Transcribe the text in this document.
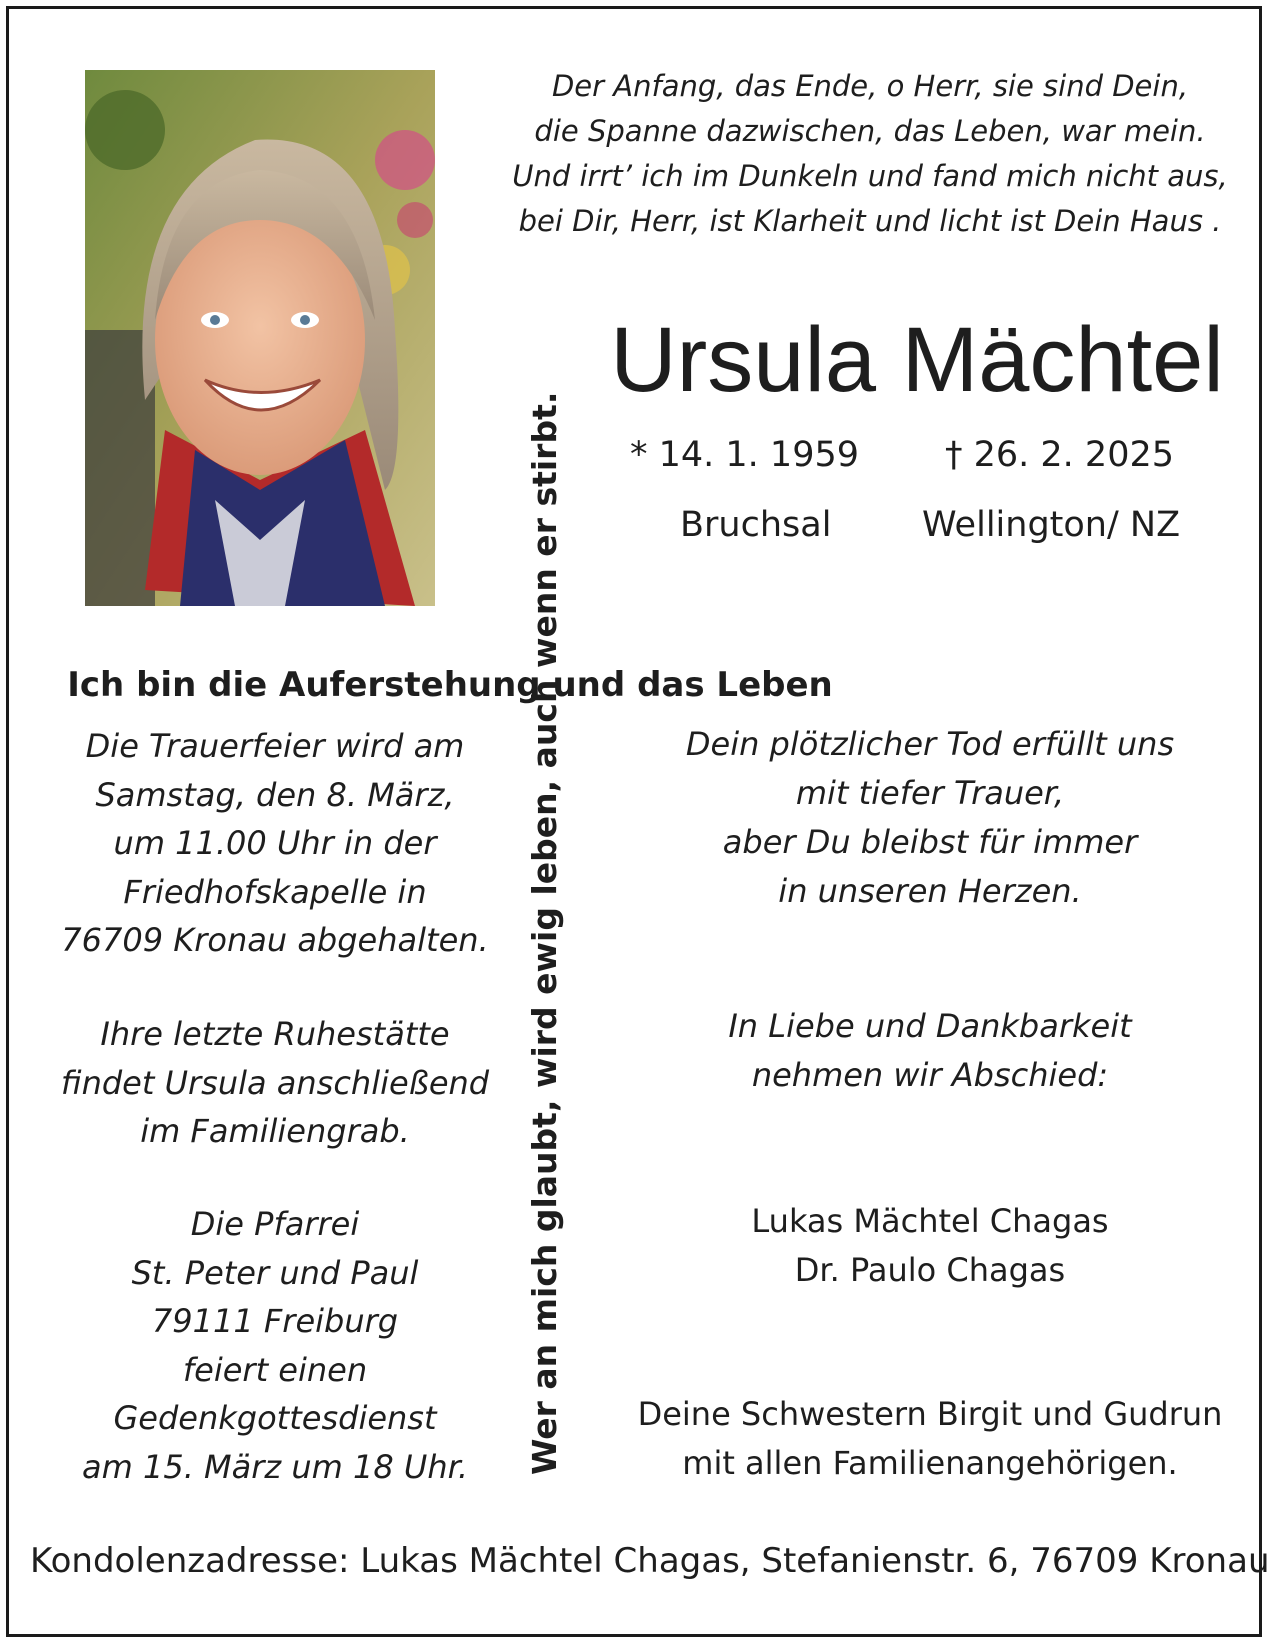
Der Anfang, das Ende, o Herr, sie sind Dein,
die Spanne dazwischen, das Leben, war mein.
Und irrt’ ich im Dunkeln und fand mich nicht aus,
bei Dir, Herr, ist Klarheit und licht ist Dein Haus .
Ursula Mächtel
* 14. 1. 1959 † 26. 2. 2025
Bruchsal	Wellington/ NZ
Wer an mich glaubt, wird ewig leben, auch wenn er stirbt.
Ich bin die Auferstehung und das Leben
Die Trauerfeier wird am
Samstag, den 8. März,
um 11.00 Uhr in der
Friedhofskapelle in
76709 Kronau abgehalten.
Ihre letzte Ruhestätte
findet Ursula anschließend
im Familiengrab.
Die Pfarrei
St. Peter und Paul
79111 Freiburg
feiert einen
Gedenkgottesdienst
am 15. März um 18 Uhr.
Dein plötzlicher Tod erfüllt uns
mit tiefer Trauer,
aber Du bleibst für immer
in unseren Herzen.
In Liebe und Dankbarkeit
nehmen wir Abschied:
Lukas Mächtel Chagas
Dr. Paulo Chagas
Deine Schwestern Birgit und Gudrun
mit allen Familienangehörigen.
Kondolenzadresse: Lukas Mächtel Chagas, Stefanienstr. 6, 76709 Kronau
